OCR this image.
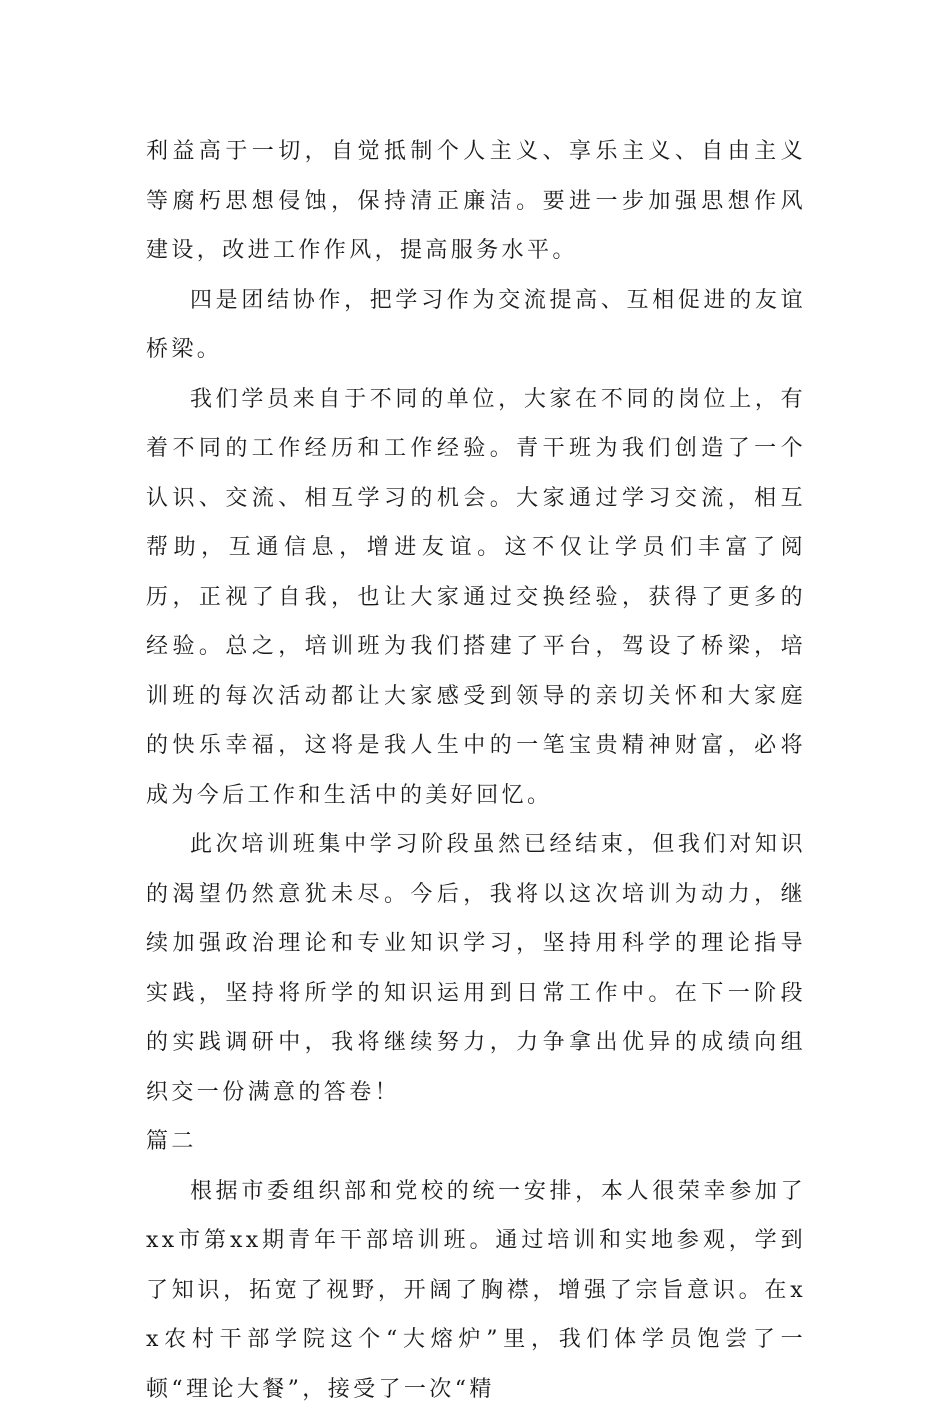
利益高于一切，自觉抵制个人主义、享乐主义、自由主义等腐朽思想侵蚀，保持清正廉洁。要进一步加强思想作风建设，改进工作作风，提高服务水平。

四是团结协作，把学习作为交流提高、互相促进的友谊桥梁。

我们学员来自于不同的单位，大家在不同的岗位上，有着不同的工作经历和工作经验。青干班为我们创造了一个认识、交流、相互学习的机会。大家通过学习交流，相互帮助，互通信息，增进友谊。这不仅让学员们丰富了阅历，正视了自我，也让大家通过交换经验，获得了更多的经验。总之，培训班为我们搭建了平台，驾设了桥梁，培训班的每次活动都让大家感受到领导的亲切关怀和大家庭的快乐幸福，这将是我人生中的一笔宝贵精神财富，必将成为今后工作和生活中的美好回忆。

此次培训班集中学习阶段虽然已经结束，但我们对知识的渴望仍然意犹未尽。今后，我将以这次培训为动力，继续加强政治理论和专业知识学习，坚持用科学的理论指导实践，坚持将所学的知识运用到日常工作中。在下一阶段的实践调研中，我将继续努力，力争拿出优异的成绩向组织交一份满意的答卷！

篇二

根据市委组织部和党校的统一安排，本人很荣幸参加了xx市第xx期青年干部培训班。通过培训和实地参观，学到了知识，拓宽了视野，开阔了胸襟，增强了宗旨意识。在xx农村干部学院这个“大熔炉”里，我们体学员饱尝了一顿“理论大餐”，接受了一次“精
